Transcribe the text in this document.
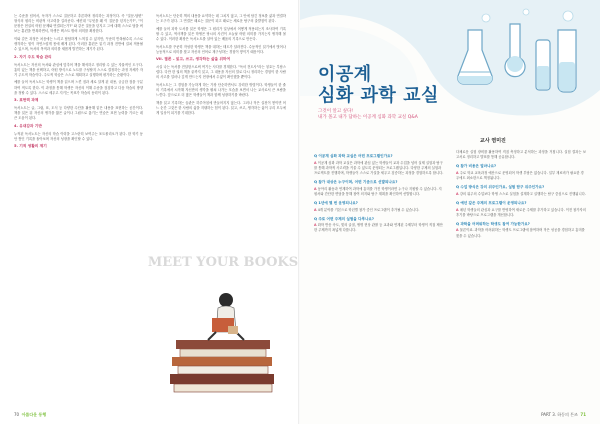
는 수준을 넘어서, 독자가 스스로 질문하고 추론하며 정리하는 과정이다. 즉 "질문-답변" 형식의 원리는 비판적 사고력을 길러준다. 예컨대 "무엇을 왜 이 질문을 던지는가?", "이 문장은 현실의 어떤 문제와 연결되는가?" 와 같은 질문을 던지고 그에 대해 스스로 답을 써보는 훈련을 반복하면서, 학생은 텍스트 밖의 의미를 확장한다.

이와 같은 과정은 처음에는 느리고 답답하게 느껴질 수 있지만, 꾸준히 반복될수록 스스로 생각하는 힘이 자연스럽게 몸에 배게 된다. 이러한 훈련은 읽기 과정 전반에 걸쳐 적용될 수 있으며, 독서의 목적과 의미를 새롭게 발견하는 계기가 된다.

2. 자기 주도 학습 관리

독서노트는 자신의 독서와 관심에 맞추어 책을 해석하고 정리할 수 있는 자율적인 도구다. 흥미 있는 책을 선택하고, 어떤 방식으로 노트를 구성할지 스스로 결정하는 과정 자체가 자기 주도적 학습이다. 주도적 학습은 스스로 계획하고 실행하며 평가하는 순환이다.

예를 들어 독서노트는 학생이 책을 읽으며 느낀 점과 새로 알게 된 내용, 궁금한 점을 구분하여 적도록 한다. 이 과정을 통해 학생은 자신의 이해 수준을 점검하고 다음 학습의 방향을 정할 수 있다. 스스로 세우고 지키는 목표가 학습의 동력이 된다.

3. 표현력 과제

독서노트는 글, 그림, 표, 도식 등 다양한 수단을 활용해 읽은 내용을 표현하는 공간이다. 책을 읽은 뒤 자신의 생각을 짧은 글이나 그림으로 옮기는 연습은 표현 능력을 기르는 데 큰 도움이 된다.

4. 유대감과 기반

누적된 독서노트는 자신의 학습 이력을 고스란히 보여주는 포트폴리오가 된다. 한 학기 동안 쌓인 기록을 돌아보며 자신의 성장을 확인할 수 있다.

5. 기적 생활의 제기

독서노트는 단순히 책의 내용을 요약하는 데 그치지 않고, 그 안에 담긴 정보를 삶과 연결하는 도구가 된다. 그 연결은 때로는 질문이 되고 때로는 새로운 탐구의 출발점이 된다.

예를 들어 과학 도서를 읽은 학생은 그 원리가 일상에서 어떻게 적용되는지 조사하여 기록할 수 있고, 역사책을 읽은 학생은 당시의 사건이 오늘날 어떤 의미를 가지는지 생각해 볼 수 있다. 이러한 확장은 독서노트를 살아 있는 배움의 기록으로 만든다.

독서노트를 꾸준히 작성한 학생은 책을 대하는 태도가 달라진다. 수동적인 읽기에서 벗어나 능동적으로 의미를 찾고 자신의 언어로 재구성하는 경험이 쌓이기 때문이다.

VII. 결론 – 읽고, 쓰고, 생각하는 삶을 위하여

시실 나는 독서를 전달함으로써 여기는 사다를 경계한다. "독서 전도사"라는 칭호는 부담스럽다. 다만 한 권의 책을 끝까지 읽고, 그 내용을 자신의 말로 다시 정리하는 경험이 한 사람의 사고를 얼마나 깊게 만드는지 현장에서 수없이 확인했을 뿐이다.

독서노트는 그 경험을 가능하게 하는 가장 단순하면서도 강력한 방법이다. 학생들이 한 줄의 기록에서 시작해 자신만의 생각을 펼쳐 나가는 모습을 보면서 나는 교사로서 큰 보람을 느낀다. 앞으로도 더 많은 학생들이 책과 함께 성장하기를 바란다.

책을 읽고 기록하는 습관은 하루아침에 만들어지지 않는다. 그러나 작은 실천이 쌓이면 어느 순간 그것은 한 사람의 삶을 지탱하는 힘이 된다. 읽고, 쓰고, 생각하는 삶이 우리 모두에게 일상이 되기를 기대한다.

MEET YOUR BOOKS
70 아름다운 동행
이공계
심화 과학 교실
그것이 알고 싶다!
내가 몰고 내가 답하는 이공계 심화 과학 교실 Q&A
교사 염미진
Q 이공계 심화 과학 교실은 어떤 프로그램인가요?
A 이공계 심화 과학 교실은 과학에 관심 있는 학생들이 교과 수업을 넘어 실제 실험과 탐구를 통해 과학적 사고력을 키울 수 있도록 운영되는 프로그램입니다. 다양한 주제의 실험과 프로젝트를 진행하며, 학생들이 스스로 가설을 세우고 검증하는 과정을 경험하도록 합니다.
Q 참가 대상은 누구이며, 어떤 기준으로 선발되나요?
A 동아리 활동과 연계하여 과학에 흥미를 가진 학생이라면 누구나 지원할 수 있습니다. 지원서와 간단한 면담을 통해 참여 의지와 탐구 계획을 확인하여 선발합니다.
Q 1년에 몇 번 운영되나요?
A 4개 분야를 기본으로 학년별 참가 중인 프로그램이 추가될 수 있습니다.
Q 주로 어떤 주제의 실험을 다루나요?
A 화학 반응 속도, 빛의 굴절, 생명 현상 관찰 등 교과와 연계된 주제부터 학생이 직접 제안한 주제까지 폭넓게 다룹니다.

다채로운 실험 장비를 활용하여 직접 측정하고 분석하는 과정을 거칩니다. 실험 결과는 보고서로 정리하고 발표를 통해 공유합니다.

Q 참가 비용은 얼마나요?
A 주로 학교 교육과정 예산으로 운영되어 학생 부담은 없습니다. 일부 재료비가 필요한 경우에도 최소한으로 책정됩니다.
Q 수업 방식은 강의 위주인가요, 실험 탐구 위주인가요?
A 강의 위주의 수업보다 학생 스스로 실험을 설계하고 실행하는 탐구 중심으로 진행됩니다.
Q 예년 같은 주제의 프로그램이 운영되나요?
A 매년 학생들의 관심과 요구를 반영하여 새로운 주제를 추가하고 있습니다. 이전 참가자의 후기를 바탕으로 프로그램을 개선합니다.
Q 과학을 어려워하는 학생도 참여 가능한가요?
A 물론이죠. 과학을 어려워하는 학생도 프로그램에 참여하며 작은 성공을 경험하고 흥미를 찾을 수 있습니다.
PART 3. 하동의 튼즈 71
